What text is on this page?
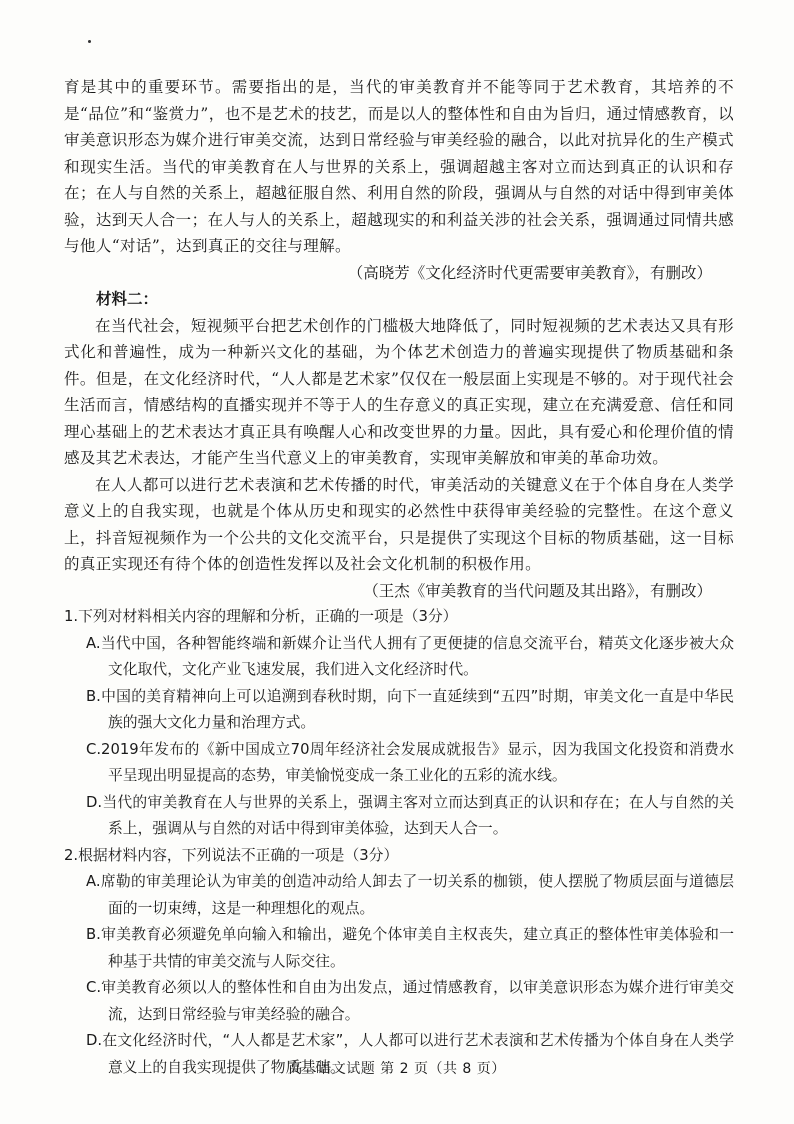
育是其中的重要环节。需要指出的是，当代的审美教育并不能等同于艺术教育，其培养的不是“品位”和“鉴赏力”，也不是艺术的技艺，而是以人的整体性和自由为旨归，通过情感教育，以审美意识形态为媒介进行审美交流，达到日常经验与审美经验的融合，以此对抗异化的生产模式和现实生活。当代的审美教育在人与世界的关系上，强调超越主客对立而达到真正的认识和存在；在人与自然的关系上，超越征服自然、利用自然的阶段，强调从与自然的对话中得到审美体验，达到天人合一；在人与人的关系上，超越现实的和利益关涉的社会关系，强调通过同情共感与他人“对话”，达到真正的交往与理解。

（高晓芳《文化经济时代更需要审美教育》，有删改）

材料二：

在当代社会，短视频平台把艺术创作的门槛极大地降低了，同时短视频的艺术表达又具有形式化和普遍性，成为一种新兴文化的基础，为个体艺术创造力的普遍实现提供了物质基础和条件。但是，在文化经济时代，“人人都是艺术家”仅仅在一般层面上实现是不够的。对于现代社会生活而言，情感结构的直播实现并不等于人的生存意义的真正实现，建立在充满爱意、信任和同理心基础上的艺术表达才真正具有唤醒人心和改变世界的力量。因此，具有爱心和伦理价值的情感及其艺术表达，才能产生当代意义上的审美教育，实现审美解放和审美的革命功效。

在人人都可以进行艺术表演和艺术传播的时代，审美活动的关键意义在于个体自身在人类学意义上的自我实现，也就是个体从历史和现实的必然性中获得审美经验的完整性。在这个意义上，抖音短视频作为一个公共的文化交流平台，只是提供了实现这个目标的物质基础，这一目标的真正实现还有待个体的创造性发挥以及社会文化机制的积极作用。

（王杰《审美教育的当代问题及其出路》，有删改）

1.下列对材料相关内容的理解和分析，正确的一项是（3分）

A.当代中国，各种智能终端和新媒介让当代人拥有了更便捷的信息交流平台，精英文化逐步被大众文化取代，文化产业飞速发展，我们进入文化经济时代。

B.中国的美育精神向上可以追溯到春秋时期，向下一直延续到“五四”时期，审美文化一直是中华民族的强大文化力量和治理方式。

C.2019年发布的《新中国成立70周年经济社会发展成就报告》显示，因为我国文化投资和消费水平呈现出明显提高的态势，审美愉悦变成一条工业化的五彩的流水线。

D.当代的审美教育在人与世界的关系上，强调主客对立而达到真正的认识和存在；在人与自然的关系上，强调从与自然的对话中得到审美体验，达到天人合一。

2.根据材料内容，下列说法不正确的一项是（3分）

A.席勒的审美理论认为审美的创造冲动给人卸去了一切关系的枷锁，使人摆脱了物质层面与道德层面的一切束缚，这是一种理想化的观点。

B.审美教育必须避免单向输入和输出，避免个体审美自主权丧失，建立真正的整体性审美体验和一种基于共情的审美交流与人际交往。

C.审美教育必须以人的整体性和自由为出发点，通过情感教育，以审美意识形态为媒介进行审美交流，达到日常经验与审美经验的融合。

D.在文化经济时代，“人人都是艺术家”，人人都可以进行艺术表演和艺术传播为个体自身在人类学意义上的自我实现提供了物质基础。

高二语文试题 第 2 页（共 8 页）
